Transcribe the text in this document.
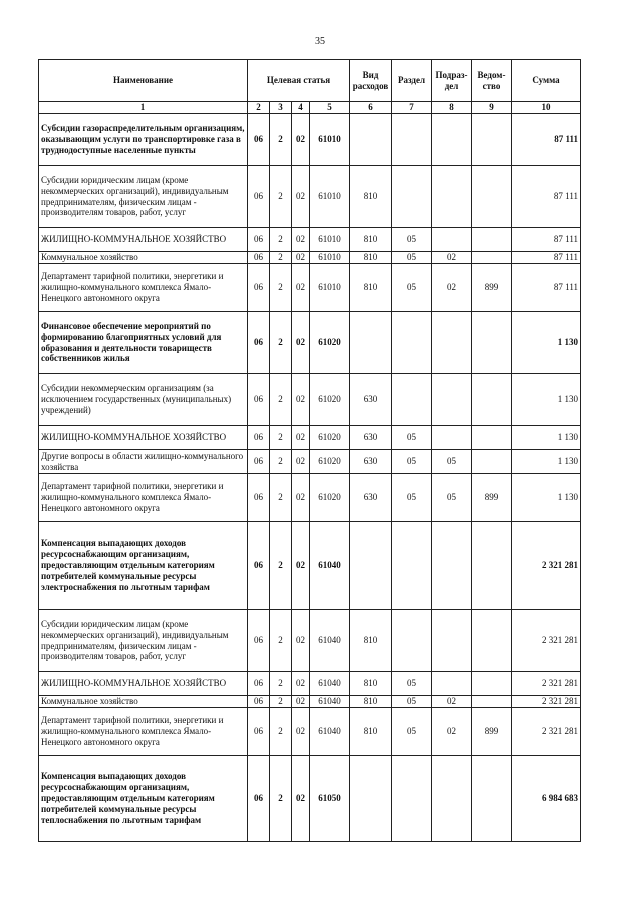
35
Наименование	Целевая статья				Вид расходов	Раздел	Подраз-дел	Ведом-ство	Сумма
1	2	3	4	5	6	7	8	9	10
Субсидии газораспределительным организациям, оказывающим услуги по транспортировке газа в труднодоступные населенные пункты	06	2	02	61010					87 111
Субсидии юридическим лицам (кроме некоммерческих организаций), индивидуальным предпринимателям, физическим лицам - производителям товаров, работ, услуг	06	2	02	61010	810				87 111
ЖИЛИЩНО-КОММУНАЛЬНОЕ ХОЗЯЙСТВО	06	2	02	61010	810	05			87 111
Коммунальное хозяйство	06	2	02	61010	810	05	02		87 111
Департамент тарифной политики, энергетики и жилищно-коммунального комплекса Ямало-Ненецкого автономного округа	06	2	02	61010	810	05	02	899	87 111
Финансовое обеспечение мероприятий по формированию благоприятных условий для образования и деятельности товариществ собственников жилья	06	2	02	61020					1 130
Субсидии некоммерческим организациям (за исключением государственных (муниципальных) учреждений)	06	2	02	61020	630				1 130
ЖИЛИЩНО-КОММУНАЛЬНОЕ ХОЗЯЙСТВО	06	2	02	61020	630	05			1 130
Другие вопросы в области жилищно-коммунального хозяйства	06	2	02	61020	630	05	05		1 130
Департамент тарифной политики, энергетики и жилищно-коммунального комплекса Ямало-Ненецкого автономного округа	06	2	02	61020	630	05	05	899	1 130
Компенсация выпадающих доходов ресурсоснабжающим организациям, предоставляющим отдельным категориям потребителей коммунальные ресурсы электроснабжения по льготным тарифам	06	2	02	61040					2 321 281
Субсидии юридическим лицам (кроме некоммерческих организаций), индивидуальным предпринимателям, физическим лицам - производителям товаров, работ, услуг	06	2	02	61040	810				2 321 281
ЖИЛИЩНО-КОММУНАЛЬНОЕ ХОЗЯЙСТВО	06	2	02	61040	810	05			2 321 281
Коммунальное хозяйство	06	2	02	61040	810	05	02		2 321 281
Департамент тарифной политики, энергетики и жилищно-коммунального комплекса Ямало-Ненецкого автономного округа	06	2	02	61040	810	05	02	899	2 321 281
Компенсация выпадающих доходов ресурсоснабжающим организациям, предоставляющим отдельным категориям потребителей коммунальные ресурсы теплоснабжения по льготным тарифам	06	2	02	61050					6 984 683
